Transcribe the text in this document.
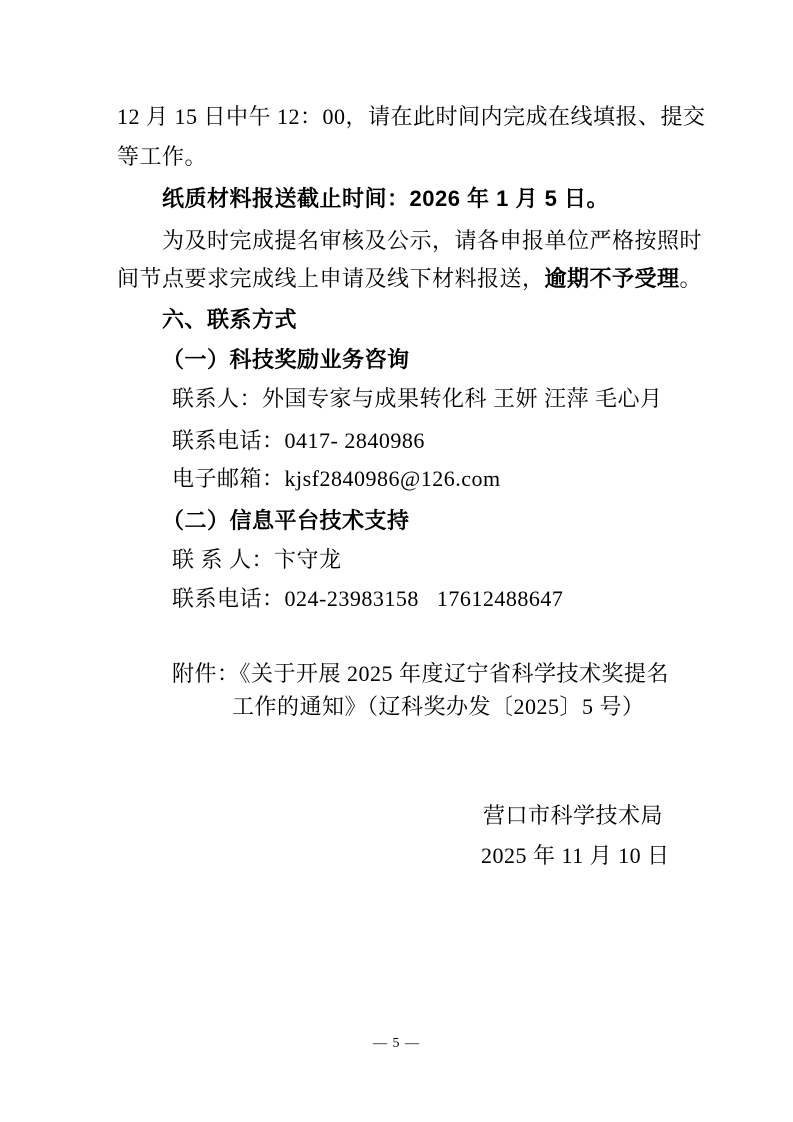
12 月 15 日中午 12：00，请在此时间内完成在线填报、提交
等工作。
纸质材料报送截止时间：2026 年 1 月 5 日。
为及时完成提名审核及公示，请各申报单位严格按照时
间节点要求完成线上申请及线下材料报送，逾期不予受理。
六、联系方式
（一）科技奖励业务咨询
联系人：外国专家与成果转化科 王妍 汪萍 毛心月
联系电话：0417- 2840986
电子邮箱：kjsf2840986@126.com
（二）信息平台技术支持
联 系 人：卞守龙
联系电话：024-23983158   17612488647
附件：《关于开展 2025 年度辽宁省科学技术奖提名
工作的通知》（辽科奖办发〔2025〕5 号）
营口市科学技术局
2025 年 11 月 10 日
— 5 —
